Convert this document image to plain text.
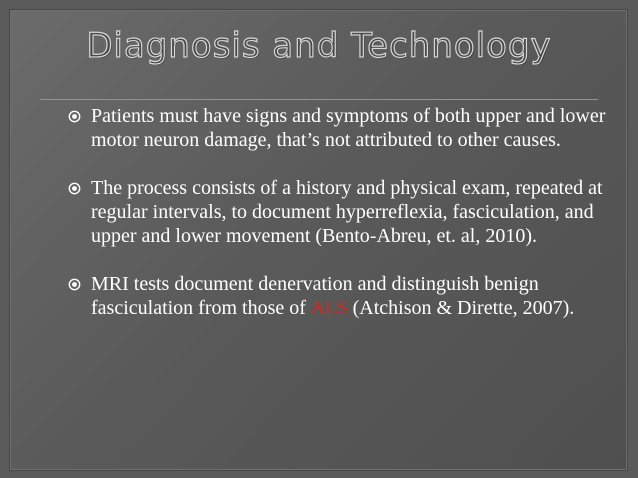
Diagnosis and Technology
Patients must have signs and symptoms of both upper and lower motor neuron damage, that’s not attributed to other causes.
The process consists of a history and physical exam, repeated at regular intervals, to document hyperreflexia, fasciculation, and upper and lower movement (Bento-Abreu, et. al, 2010).
MRI tests document denervation and distinguish benign fasciculation from those of ALS (Atchison & Dirette, 2007).
